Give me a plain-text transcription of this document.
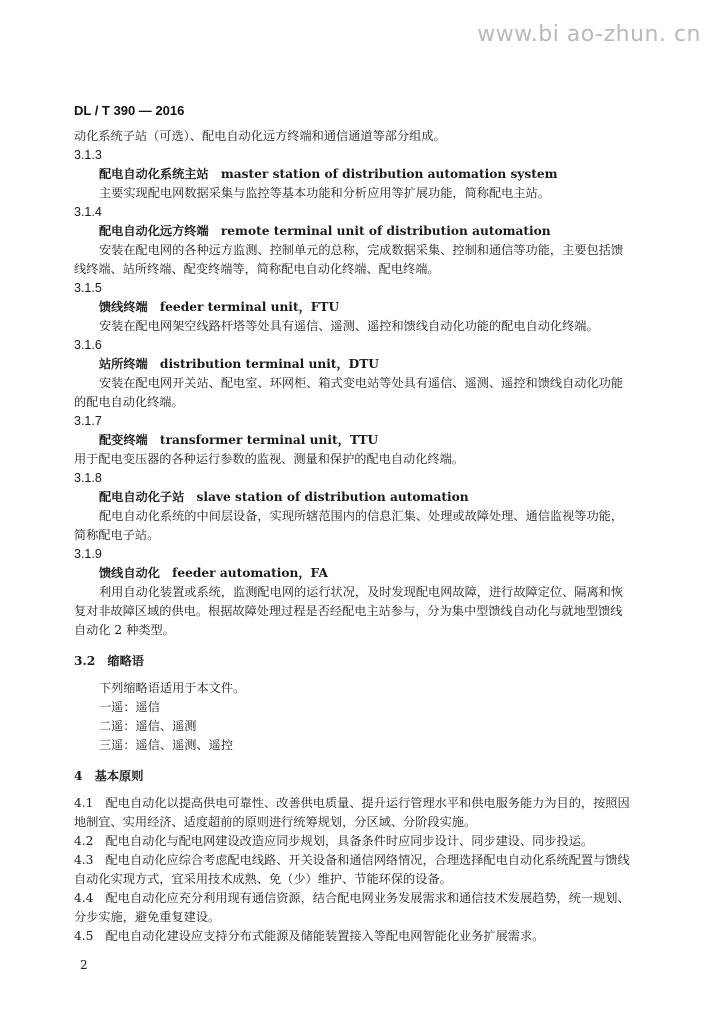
www.bi ao-zhun. cn
DL / T 390 — 2016
动化系统子站（可选）、配电自动化远方终端和通信通道等部分组成。
3.1.3
配电自动化系统主站　master station of distribution automation system
主要实现配电网数据采集与监控等基本功能和分析应用等扩展功能，简称配电主站。
3.1.4
配电自动化远方终端　remote terminal unit of distribution automation
安装在配电网的各种远方监测、控制单元的总称，完成数据采集、控制和通信等功能，主要包括馈
线终端、站所终端、配变终端等，简称配电自动化终端、配电终端。
3.1.5
馈线终端　feeder terminal unit，FTU
安装在配电网架空线路杆塔等处具有遥信、遥测、遥控和馈线自动化功能的配电自动化终端。
3.1.6
站所终端　distribution terminal unit，DTU
安装在配电网开关站、配电室、环网柜、箱式变电站等处具有遥信、遥测、遥控和馈线自动化功能
的配电自动化终端。
3.1.7
配变终端　transformer terminal unit，TTU
用于配电变压器的各种运行参数的监视、测量和保护的配电自动化终端。
3.1.8
配电自动化子站　slave station of distribution automation
配电自动化系统的中间层设备，实现所辖范围内的信息汇集、处理或故障处理、通信监视等功能，
简称配电子站。
3.1.9
馈线自动化　feeder automation，FA
利用自动化装置或系统，监测配电网的运行状况，及时发现配电网故障，进行故障定位、隔离和恢
复对非故障区域的供电。根据故障处理过程是否经配电主站参与，分为集中型馈线自动化与就地型馈线
自动化 2 种类型。
3.2　缩略语
下列缩略语适用于本文件。
一遥：遥信
二遥：遥信、遥测
三遥：遥信、遥测、遥控
4　基本原则
4.1　配电自动化以提高供电可靠性、改善供电质量、提升运行管理水平和供电服务能力为目的，按照因
地制宜、实用经济、适度超前的原则进行统筹规划，分区域、分阶段实施。
4.2　配电自动化与配电网建设改造应同步规划，具备条件时应同步设计、同步建设、同步投运。
4.3　配电自动化应综合考虑配电线路、开关设备和通信网络情况，合理选择配电自动化系统配置与馈线
自动化实现方式，宜采用技术成熟、免（少）维护、节能环保的设备。
4.4　配电自动化应充分利用现有通信资源，结合配电网业务发展需求和通信技术发展趋势，统一规划、
分步实施，避免重复建设。
4.5　配电自动化建设应支持分布式能源及储能装置接入等配电网智能化业务扩展需求。
2
